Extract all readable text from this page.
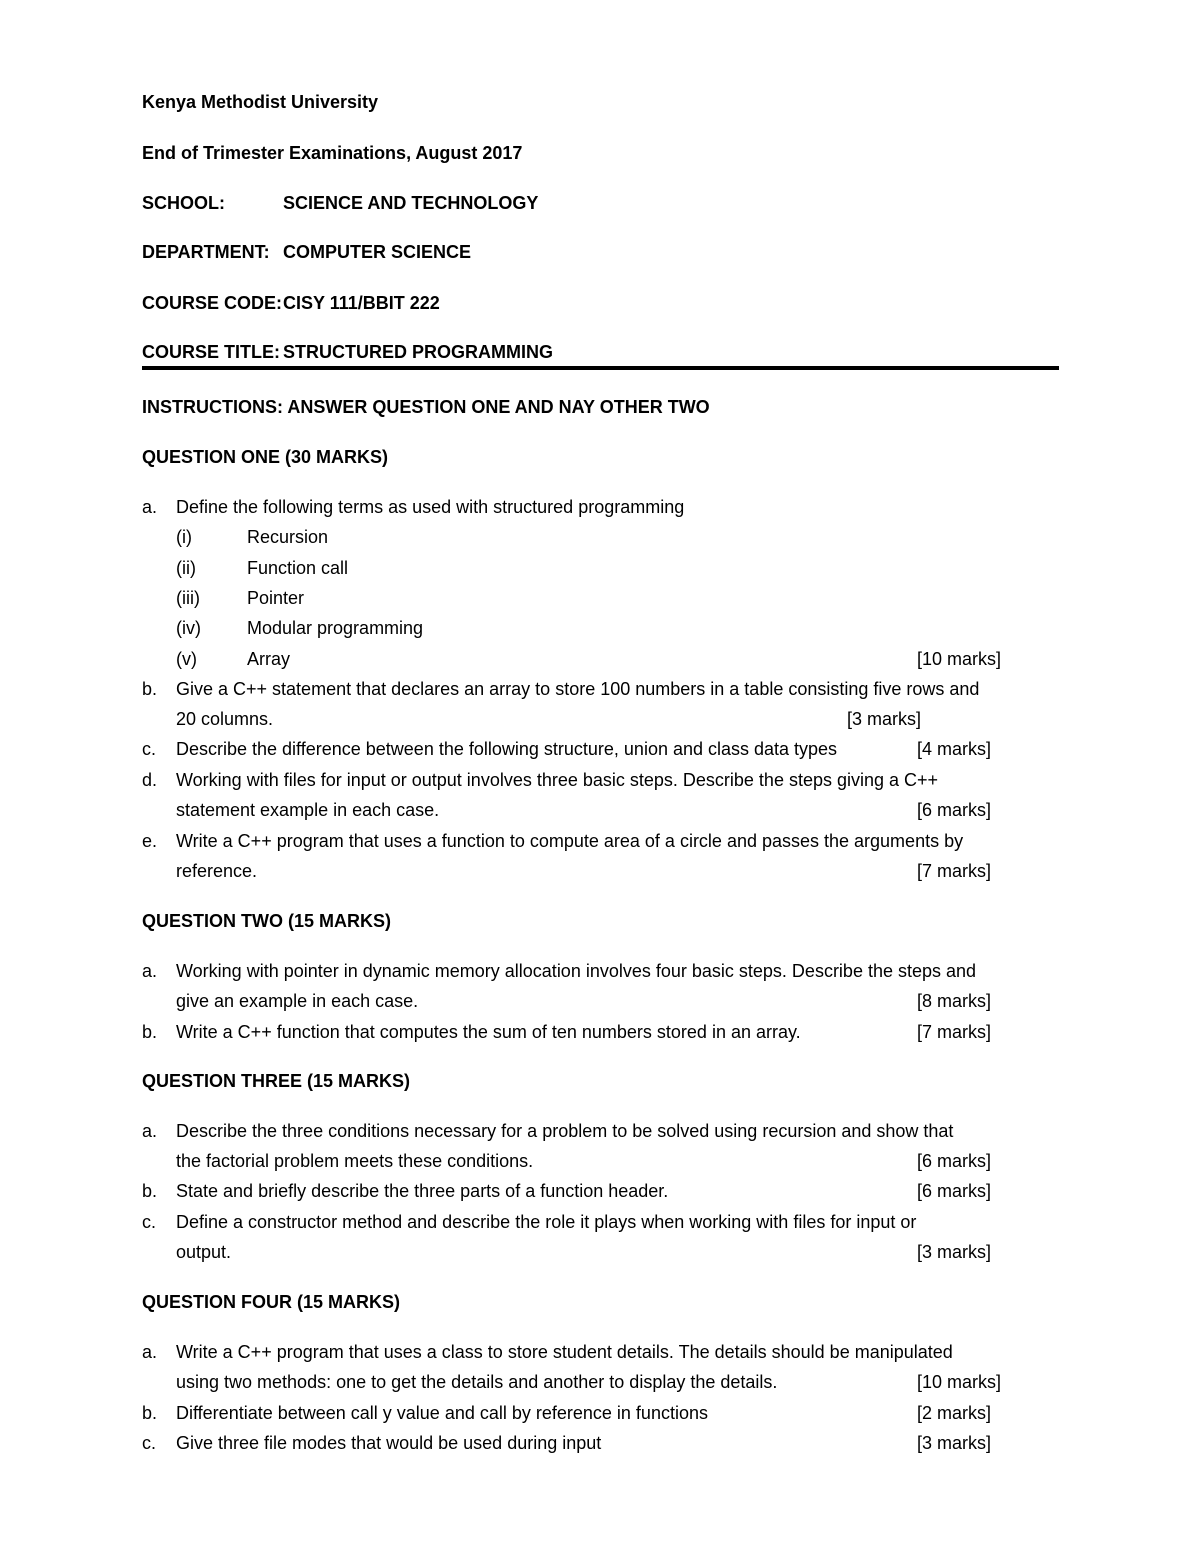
Kenya Methodist University
End of Trimester Examinations, August 2017
SCHOOL:	SCIENCE AND TECHNOLOGY
DEPARTMENT: COMPUTER SCIENCE
COURSE CODE: CISY 111/BBIT 222
COURSE TITLE: STRUCTURED PROGRAMMING
INSTRUCTIONS: ANSWER QUESTION ONE AND NAY OTHER TWO
QUESTION ONE (30 MARKS)
a. Define the following terms as used with structured programming
(i)	Recursion
(ii)	Function call
(iii)	Pointer
(iv)	Modular programming
(v)	Array	[10 marks]
b. Give a C++ statement that declares an array to store 100 numbers in a table consisting five rows and
20 columns.	[3 marks]
c. Describe the difference between the following structure, union and class data types	[4 marks]
d. Working with files for input or output involves three basic steps. Describe the steps giving a C++
statement example in each case.	[6 marks]
e. Write a C++ program that uses a function to compute area of a circle and passes the arguments by
reference.	[7 marks]
QUESTION TWO (15 MARKS)
a. Working with pointer in dynamic memory allocation involves four basic steps. Describe the steps and
give an example in each case.	[8 marks]
b. Write a C++ function that computes the sum of ten numbers stored in an array.	[7 marks]
QUESTION THREE (15 MARKS)
a. Describe the three conditions necessary for a problem to be solved using recursion and show that
the factorial problem meets these conditions.	[6 marks]
b. State and briefly describe the three parts of a function header.	[6 marks]
c. Define a constructor method and describe the role it plays when working with files for input or
output.	[3 marks]
QUESTION FOUR (15 MARKS)
a. Write a C++ program that uses a class to store student details. The details should be manipulated
using two methods: one to get the details and another to display the details.	[10 marks]
b. Differentiate between call y value and call by reference in functions	[2 marks]
c. Give three file modes that would be used during input	[3 marks]
